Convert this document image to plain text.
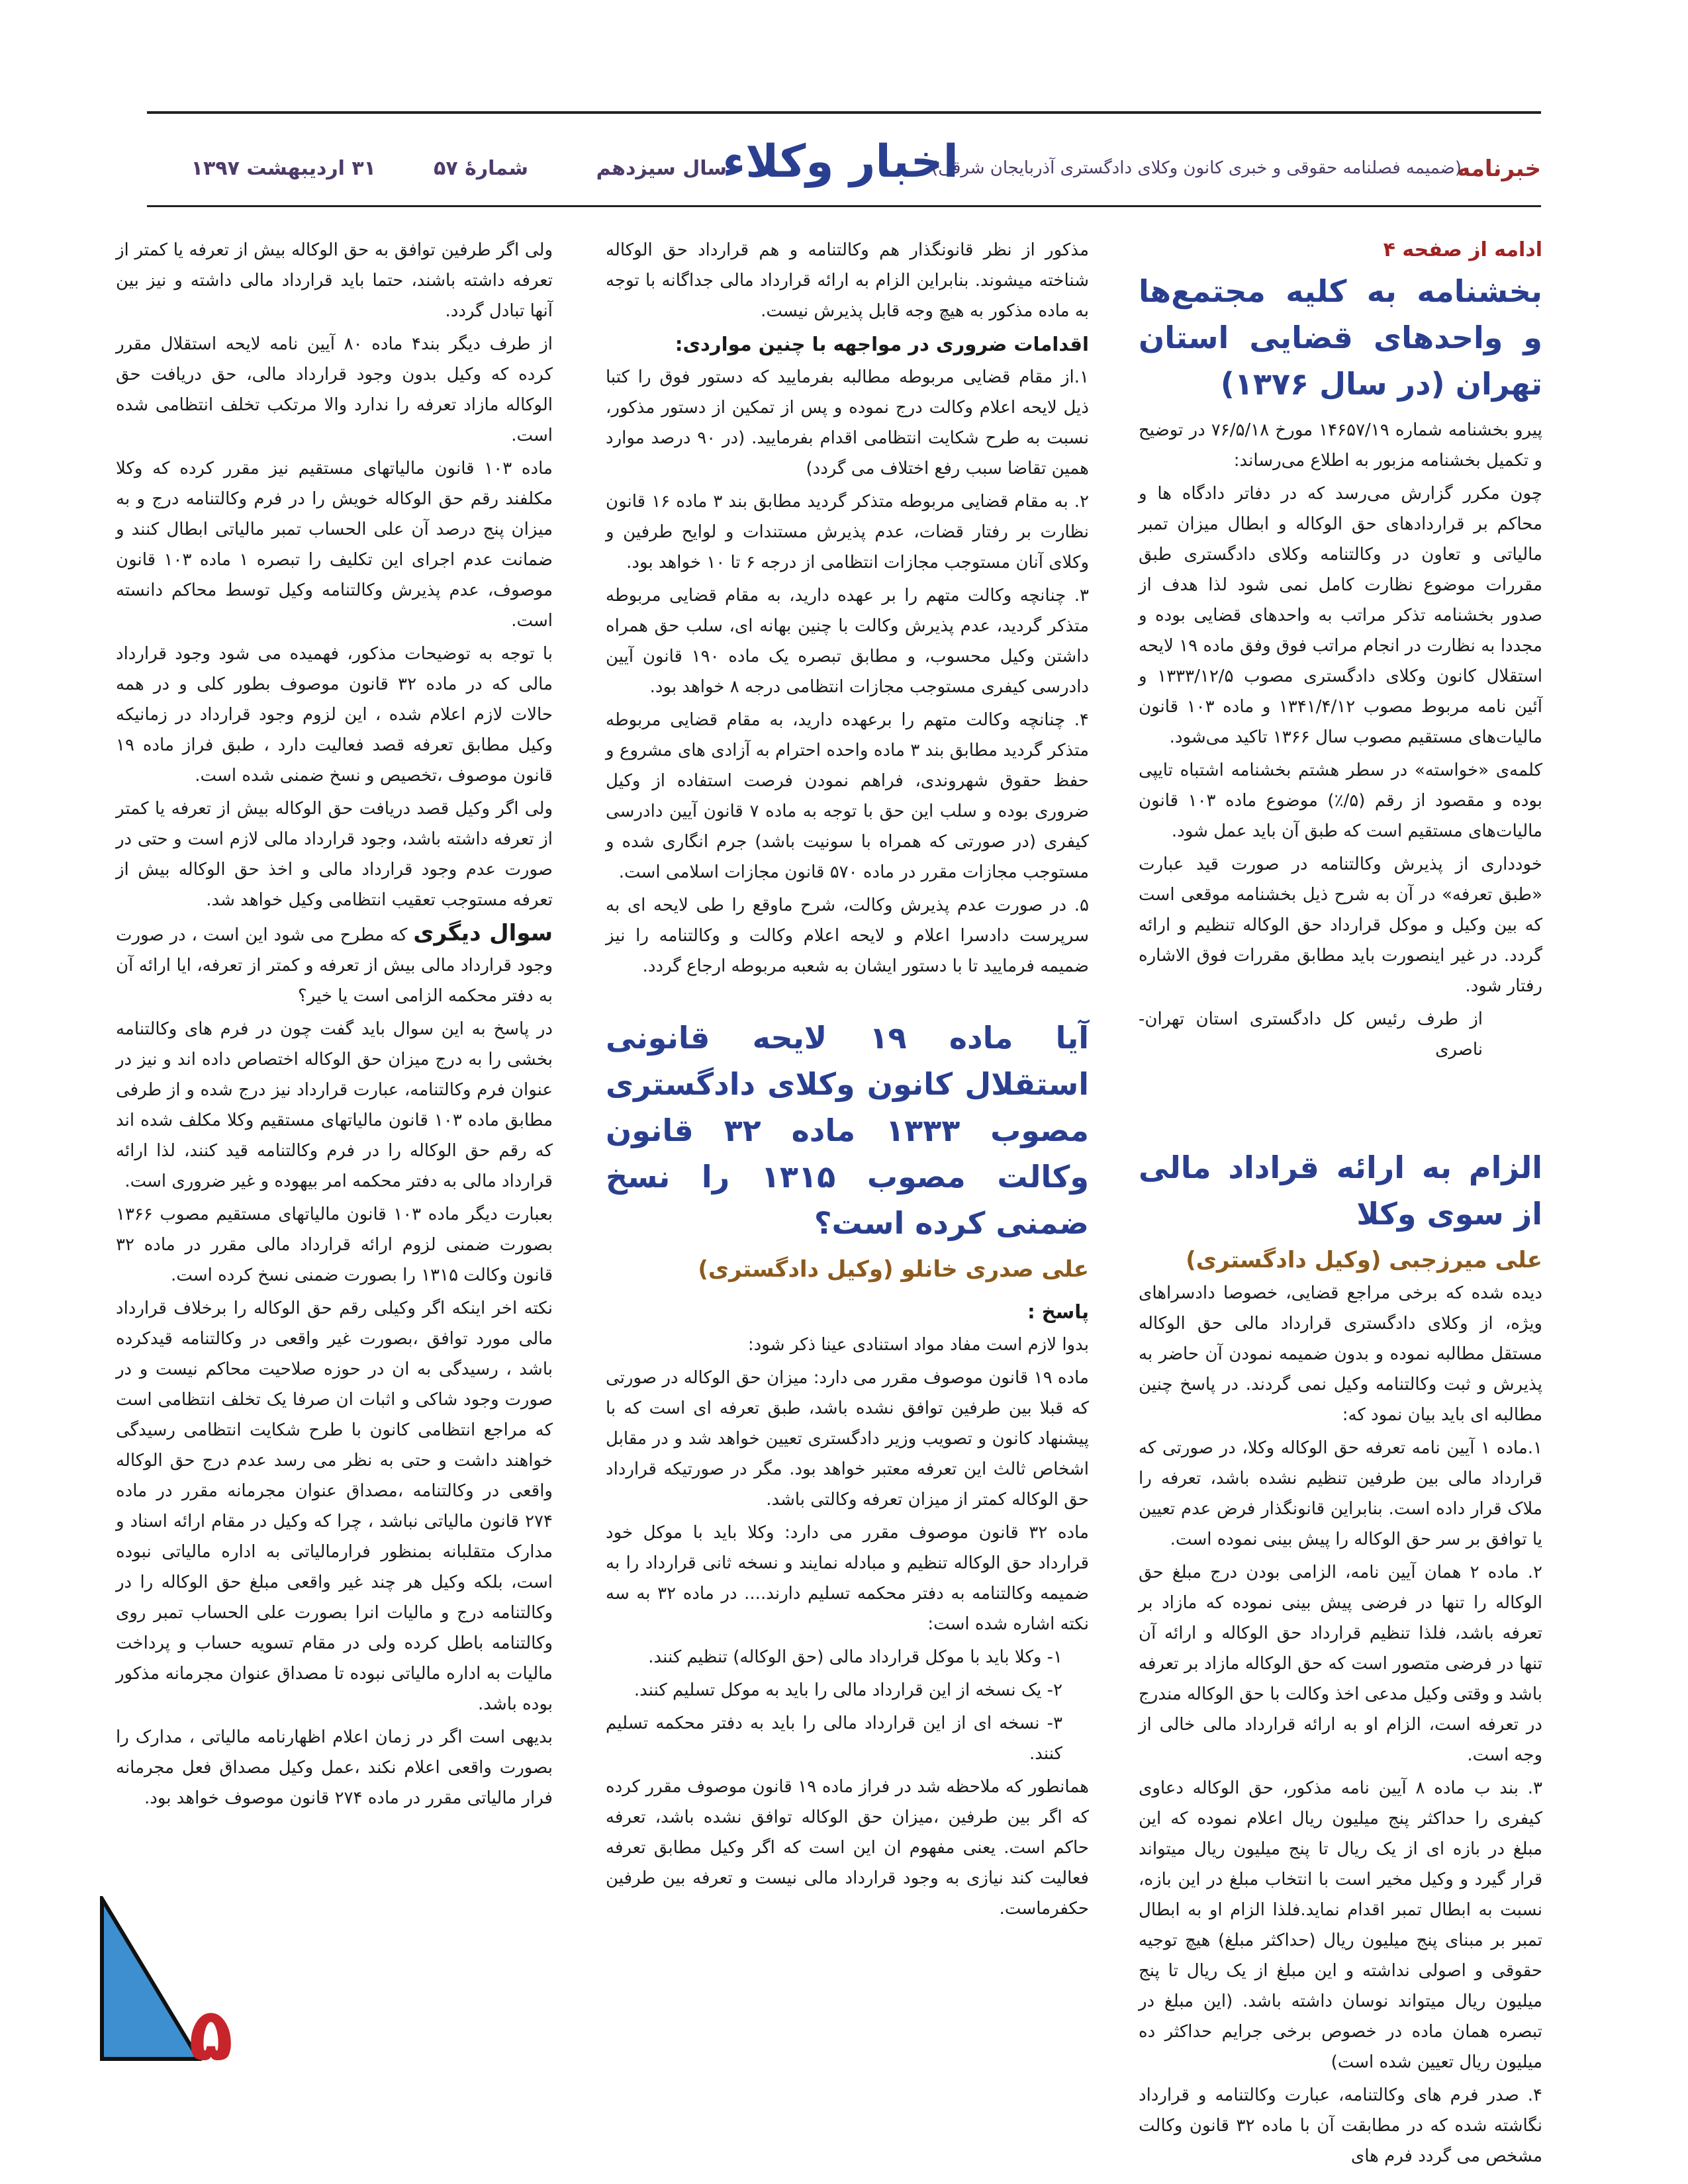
خبرنامه
(ضمیمه فصلنامه حقوقی و خبری کانون وکلای دادگستری آذربایجان شرقی)
اخبار وکلاء
سال سیزدهم
شمارهٔ ۵۷
۳۱ اردیبهشت ۱۳۹۷

ادامه از صفحه ۴

بخشنامه به کلیه مجتمع‌ها و واحدهای قضایی استان تهران (در سال ۱۳۷۶)

پیرو بخشنامه شماره ۱۴۶۵۷/۱۹ مورخ ۷۶/۵/۱۸ در توضیح و تکمیل بخشنامه مزبور به اطلاع می‌رساند:

چون مکرر گزارش می‌رسد که در دفاتر دادگاه ها و محاکم بر قراردادهای حق الوکاله و ابطال میزان تمبر مالیاتی و تعاون در وکالتنامه وکلای دادگستری طبق مقررات موضوع نظارت کامل نمی شود لذا هدف از صدور بخشنامه تذکر مراتب به واحدهای قضایی بوده و مجددا به نظارت در انجام مراتب فوق وفق ماده ۱۹ لایحه استقلال کانون وکلای دادگستری مصوب ۱۳۳۳/۱۲/۵ و آئین نامه مربوط مصوب ۱۳۴۱/۴/۱۲ و ماده ۱۰۳ قانون مالیات‌های مستقیم مصوب سال ۱۳۶۶ تاکید می‌شود.

کلمه‌ی «خواسته» در سطر هشتم بخشنامه اشتباه تایپی بوده و مقصود از رقم (۵/٪) موضوع ماده ۱۰۳ قانون مالیات‌های مستقیم است که طبق آن باید عمل شود.

خودداری از پذیرش وکالتنامه در صورت قید عبارت «طبق تعرفه» در آن به شرح ذیل بخشنامه موقعی است که بین وکیل و موکل قرارداد حق الوکاله تنظیم و ارائه گردد. در غیر اینصورت باید مطابق مقررات فوق الاشاره رفتار شود.

از طرف رئیس کل دادگستری استان تهران- ناصری

الزام به ارائه قراداد مالی از سوی وکلا

علی میرزجبی (وکیل دادگستری)

دیده شده که برخی مراجع قضایی، خصوصا دادسراهای ویژه، از وکلای دادگستری قرارداد مالی حق الوکاله مستقل مطالبه نموده و بدون ضمیمه نمودن آن حاضر به پذیرش و ثبت وکالتنامه وکیل نمی گردند. در پاسخ چنین مطالبه ای باید بیان نمود که:

۱.ماده ۱ آیین نامه تعرفه حق الوکاله وکلا، در صورتی که قرارداد مالی بین طرفین تنظیم نشده باشد، تعرفه را ملاک قرار داده است. بنابراین قانونگذار فرض عدم تعیین یا توافق بر سر حق الوکاله را پیش بینی نموده است.

۲. ماده ۲ همان آیین نامه، الزامی بودن درج مبلغ حق الوکاله را تنها در فرضی پیش بینی نموده که مازاد بر تعرفه باشد، فلذا تنظیم قرارداد حق الوکاله و ارائه آن تنها در فرضی متصور است که حق الوکاله مازاد بر تعرفه باشد و وقتی وکیل مدعی اخذ وکالت با حق الوکاله مندرج در تعرفه است، الزام او به ارائه قرارداد مالی خالی از وجه است.

۳. بند ب ماده ۸ آیین نامه مذکور، حق الوکاله دعاوی کیفری را حداکثر پنج میلیون ریال اعلام نموده که این مبلغ در بازه ای از یک ریال تا پنج میلیون ریال میتواند قرار گیرد و وکیل مخیر است با انتخاب مبلغ در این بازه، نسبت به ابطال تمبر اقدام نماید.فلذا الزام او به ابطال تمبر بر مبنای پنج میلیون ریال (حداکثر مبلغ) هیچ توجیه حقوقی و اصولی نداشته و این مبلغ از یک ریال تا پنج میلیون ریال میتواند نوسان داشته باشد. (این مبلغ در تبصره همان ماده در خصوص برخی جرایم حداکثر ده میلیون ریال تعیین شده است)

۴. صدر فرم های وکالتنامه، عبارت وکالتنامه و قرارداد نگاشته شده که در مطابقت آن با ماده ۳۲ قانون وکالت مشخص می گردد فرم های

مذکور از نظر قانونگذار هم وکالتنامه و هم قرارداد حق الوکاله شناخته میشوند. بنابراین الزام به ارائه قرارداد مالی جداگانه با توجه به ماده مذکور به هیچ وجه قابل پذیرش نیست.

اقدامات ضروری در مواجهه با چنین مواردی:

۱.از مقام قضایی مربوطه مطالبه بفرمایید که دستور فوق را کتبا ذیل لایحه اعلام وکالت درج نموده و پس از تمکین از دستور مذکور، نسبت به طرح شکایت انتظامی اقدام بفرمایید. (در ۹۰ درصد موارد همین تقاضا سبب رفع اختلاف می گردد)

۲. به مقام قضایی مربوطه متذکر گردید مطابق بند ۳ ماده ۱۶ قانون نظارت بر رفتار قضات، عدم پذیرش مستندات و لوایح طرفین و وکلای آنان مستوجب مجازات انتظامی از درجه ۶ تا ۱۰ خواهد بود.

۳. چنانچه وکالت متهم را بر عهده دارید، به مقام قضایی مربوطه متذکر گردید، عدم پذیرش وکالت با چنین بهانه ای، سلب حق همراه داشتن وکیل محسوب، و مطابق تبصره یک ماده ۱۹۰ قانون آیین دادرسی کیفری مستوجب مجازات انتظامی درجه ۸ خواهد بود.

۴. چنانچه وکالت متهم را برعهده دارید، به مقام قضایی مربوطه متذکر گردید مطابق بند ۳ ماده واحده احترام به آزادی های مشروع و حفظ حقوق شهروندی، فراهم نمودن فرصت استفاده از وکیل ضروری بوده و سلب این حق با توجه به ماده ۷ قانون آیین دادرسی کیفری (در صورتی که همراه با سونیت باشد) جرم انگاری شده و مستوجب مجازات مقرر در ماده ۵۷۰ قانون مجازات اسلامی است.

۵. در صورت عدم پذیرش وکالت، شرح ماوقع را طی لایحه ای به سرپرست دادسرا اعلام و لایحه اعلام وکالت و وکالتنامه را نیز ضمیمه فرمایید تا با دستور ایشان به شعبه مربوطه ارجاع گردد.

آیا ماده ۱۹ لایحه قانونی استقلال کانون وکلای دادگستری مصوب ۱۳۳۳ ماده ۳۲ قانون وکالت مصوب ۱۳۱۵ را نسخ ضمنی کرده است؟

علی صدری خانلو (وکیل دادگستری)

پاسخ :

بدوا لازم است مفاد مواد استنادی عینا ذکر شود:

ماده ۱۹ قانون موصوف مقرر می دارد: میزان حق الوکاله در صورتی که قبلا بین طرفین توافق نشده باشد، طبق تعرفه ای است که با پیشنهاد کانون و تصویب وزیر دادگستری تعیین خواهد شد و در مقابل اشخاص ثالث این تعرفه معتبر خواهد بود. مگر در صورتیکه قرارداد حق الوکاله کمتر از میزان تعرفه وکالتی باشد.

ماده ۳۲ قانون موصوف مقرر می دارد: وکلا باید با موکل خود قرارداد حق الوکاله تنظیم و مبادله نمایند و نسخه ثانی قرارداد را به ضمیمه وکالتنامه به دفتر محکمه تسلیم دارند.... در ماده ۳۲ به سه نکته اشاره شده است:

۱- وکلا باید با موکل قرارداد مالی (حق الوکاله) تنظیم کنند.

۲- یک نسخه از این قرارداد مالی را باید به موکل تسلیم کنند.

۳- نسخه ای از این قرارداد مالی را باید به دفتر محکمه تسلیم کنند.

همانطور که ملاحظه شد در فراز ماده ۱۹ قانون موصوف مقرر کرده که اگر بین طرفین ،میزان حق الوکاله توافق نشده باشد، تعرفه حاکم است. یعنی مفهوم ان این است که اگر وکیل مطابق تعرفه فعالیت کند نیازی به وجود قرارداد مالی نیست و تعرفه بین طرفین حکفرماست.

ولی اگر طرفین توافق به حق الوکاله بیش از تعرفه یا کمتر از تعرفه داشته باشند، حتما باید قرارداد مالی داشته و نیز بین آنها تبادل گردد.

از طرف دیگر بند۴ ماده ۸۰ آیین نامه لایحه استقلال مقرر کرده که وکیل بدون وجود قرارداد مالی، حق دریافت حق الوکاله مازاد تعرفه را ندارد والا مرتکب تخلف انتظامی شده است.

ماده ۱۰۳ قانون مالیاتهای مستقیم نیز مقرر کرده که وکلا مکلفند رقم حق الوکاله خویش را در فرم وکالتنامه درج و به میزان پنج درصد آن علی الحساب تمبر مالیاتی ابطال کنند و ضمانت عدم اجرای این تکلیف را تبصره ۱ ماده ۱۰۳ قانون موصوف، عدم پذیرش وکالتنامه وکیل توسط محاکم دانسته است.

با توجه به توضیحات مذکور، فهمیده می شود وجود قرارداد مالی که در ماده ۳۲ قانون موصوف بطور کلی و در همه حالات لازم اعلام شده ، این لزوم وجود قرارداد در زمانیکه وکیل مطابق تعرفه قصد فعالیت دارد ، طبق فراز ماده ۱۹ قانون موصوف ،تخصیص و نسخ ضمنی شده است.

ولی اگر وکیل قصد دریافت حق الوکاله بیش از تعرفه یا کمتر از تعرفه داشته باشد، وجود قرارداد مالی لازم است و حتی در صورت عدم وجود قرارداد مالی و اخذ حق الوکاله بیش از تعرفه مستوجب تعقیب انتظامی وکیل خواهد شد.

سوال دیگری که مطرح می شود این است ، در صورت وجود قرارداد مالی بیش از تعرفه و کمتر از تعرفه، ایا ارائه آن به دفتر محکمه الزامی است یا خیر؟

در پاسخ به این سوال باید گفت چون در فرم های وکالتنامه بخشی را به درج میزان حق الوکاله اختصاص داده اند و نیز در عنوان فرم وکالتنامه، عبارت قرارداد نیز درج شده و از طرفی مطابق ماده ۱۰۳ قانون مالیاتهای مستقیم وکلا مکلف شده اند که رقم حق الوکاله را در فرم وکالتنامه قید کنند، لذا ارائه قرارداد مالی به دفتر محکمه امر بیهوده و غیر ضروری است.

بعبارت دیگر ماده ۱۰۳ قانون مالیاتهای مستقیم مصوب ۱۳۶۶ بصورت ضمنی لزوم ارائه قرارداد مالی مقرر در ماده ۳۲ قانون وکالت ۱۳۱۵ را بصورت ضمنی نسخ کرده است.

نکته اخر اینکه اگر وکیلی رقم حق الوکاله را برخلاف قرارداد مالی مورد توافق ،بصورت غیر واقعی در وکالتنامه قیدکرده باشد ، رسیدگی به ان در حوزه صلاحیت محاکم نیست و در صورت وجود شاکی و اثبات ان صرفا یک تخلف انتظامی است که مراجع انتظامی کانون با طرح شکایت انتظامی رسیدگی خواهند داشت و حتی به نظر می رسد عدم درج حق الوکاله واقعی در وکالتنامه ،مصداق عنوان مجرمانه مقرر در ماده ۲۷۴ قانون مالیاتی نباشد ، چرا که وکیل در مقام ارائه اسناد و مدارک متقلبانه بمنظور فرارمالیاتی به اداره مالیاتی نبوده است، بلکه وکیل هر چند غیر واقعی مبلغ حق الوکاله را در وکالتنامه درج و مالیات انرا بصورت علی الحساب تمبر روی وکالتنامه باطل کرده ولی در مقام تسویه حساب و پرداخت مالیات به اداره مالیاتی نبوده تا مصداق عنوان مجرمانه مذکور بوده باشد.

بدیهی است اگر در زمان اعلام اظهارنامه مالیاتی ، مدارک را بصورت واقعی اعلام نکند ،عمل وکیل مصداق فعل مجرمانه فرار مالیاتی مقرر در ماده ۲۷۴ قانون موصوف خواهد بود.

۵
